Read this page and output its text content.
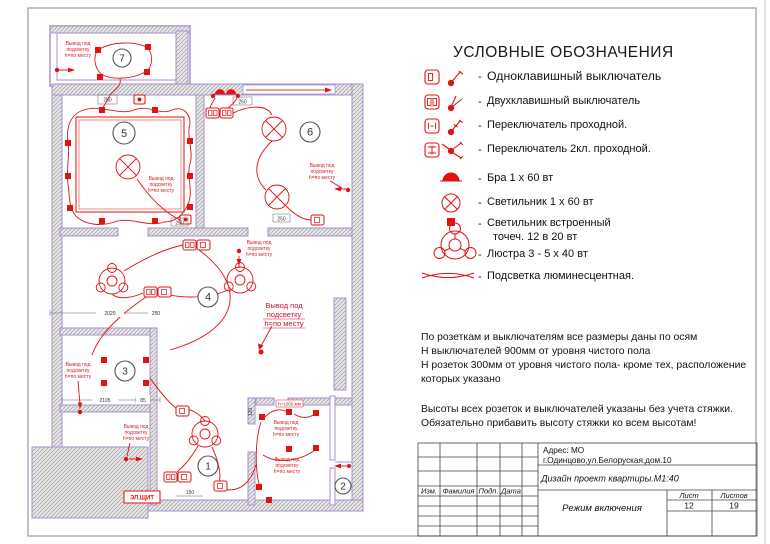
250	250
250
250
2020	250
2105	85
150
120
Вывод под
подсветку
h=по месту
Вывод под
подсветку
h=по месту
Вывод под
подсветку
h=по месту
Вывод под
подсветку
h=по месту
Вывод под
подсветку
h=по месту
Вывод под
подсветку
h=по месту
Вывод под
подсветку
h=по месту
Вывод под
подсветку
h=по месту
Вывод под
подсветку
h=по месту
h=1000 мм
ЭЛ.ЩИТ
7
5	6
4
3
1
2	Изм. Фамилия Подп. Дата
Адрес: МО
г.Одинцово,ул.Белоруская,дом.10
Дизайн проект квартиры.М1:40
Лист	Листов
12	19
Режим включения
УСЛОВНЫЕ ОБОЗНАЧЕНИЯ
- Одноклавишный выключатель
- Двухклавишный выключатель
- Переключатель проходной.
- Переключатель 2кл. проходной.
- Бра 1 х 60 вт
- Светильник 1 х 60 вт
- Светильник встроенный
точеч. 12 в 20 вт
- Люстра 3 - 5 х 40 вт
- Подсветка люминесцентная.
По розеткам и выключателям все размеры даны по осям
Н выключателей 900мм от уровня чистого пола
Н розеток 300мм от уровня чистого пола- кроме тех, расположение
которых указано
Высоты всех розеток и выключателей указаны без учета стяжки.
Обязательно прибавить высоту стяжки ко всем высотам!
